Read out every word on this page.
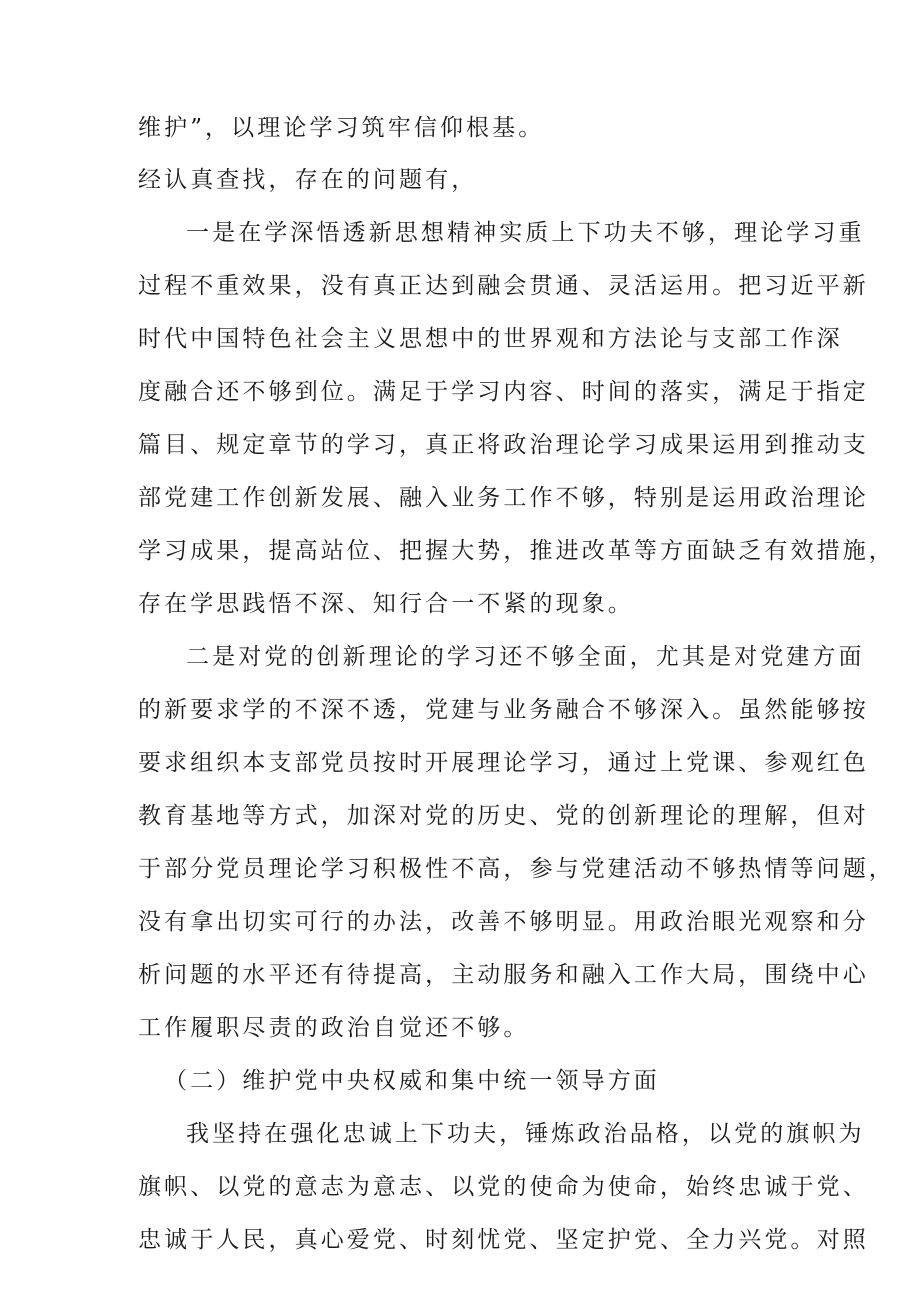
维护”，以理论学习筑牢信仰根基。
经认真查找，存在的问题有，
一是在学深悟透新思想精神实质上下功夫不够，理论学习重
过程不重效果，没有真正达到融会贯通、灵活运用。把习近平新
时代中国特色社会主义思想中的世界观和方法论与支部工作深
度融合还不够到位。满足于学习内容、时间的落实，满足于指定
篇目、规定章节的学习，真正将政治理论学习成果运用到推动支
部党建工作创新发展、融入业务工作不够，特别是运用政治理论
学习成果，提高站位、把握大势，推进改革等方面缺乏有效措施，
存在学思践悟不深、知行合一不紧的现象。
二是对党的创新理论的学习还不够全面，尤其是对党建方面
的新要求学的不深不透，党建与业务融合不够深入。虽然能够按
要求组织本支部党员按时开展理论学习，通过上党课、参观红色
教育基地等方式，加深对党的历史、党的创新理论的理解，但对
于部分党员理论学习积极性不高，参与党建活动不够热情等问题，
没有拿出切实可行的办法，改善不够明显。用政治眼光观察和分
析问题的水平还有待提高，主动服务和融入工作大局，围绕中心
工作履职尽责的政治自觉还不够。
（二）维护党中央权威和集中统一领导方面
我坚持在强化忠诚上下功夫，锤炼政治品格，以党的旗帜为
旗帜、以党的意志为意志、以党的使命为使命，始终忠诚于党、
忠诚于人民，真心爱党、时刻忧党、坚定护党、全力兴党。对照
